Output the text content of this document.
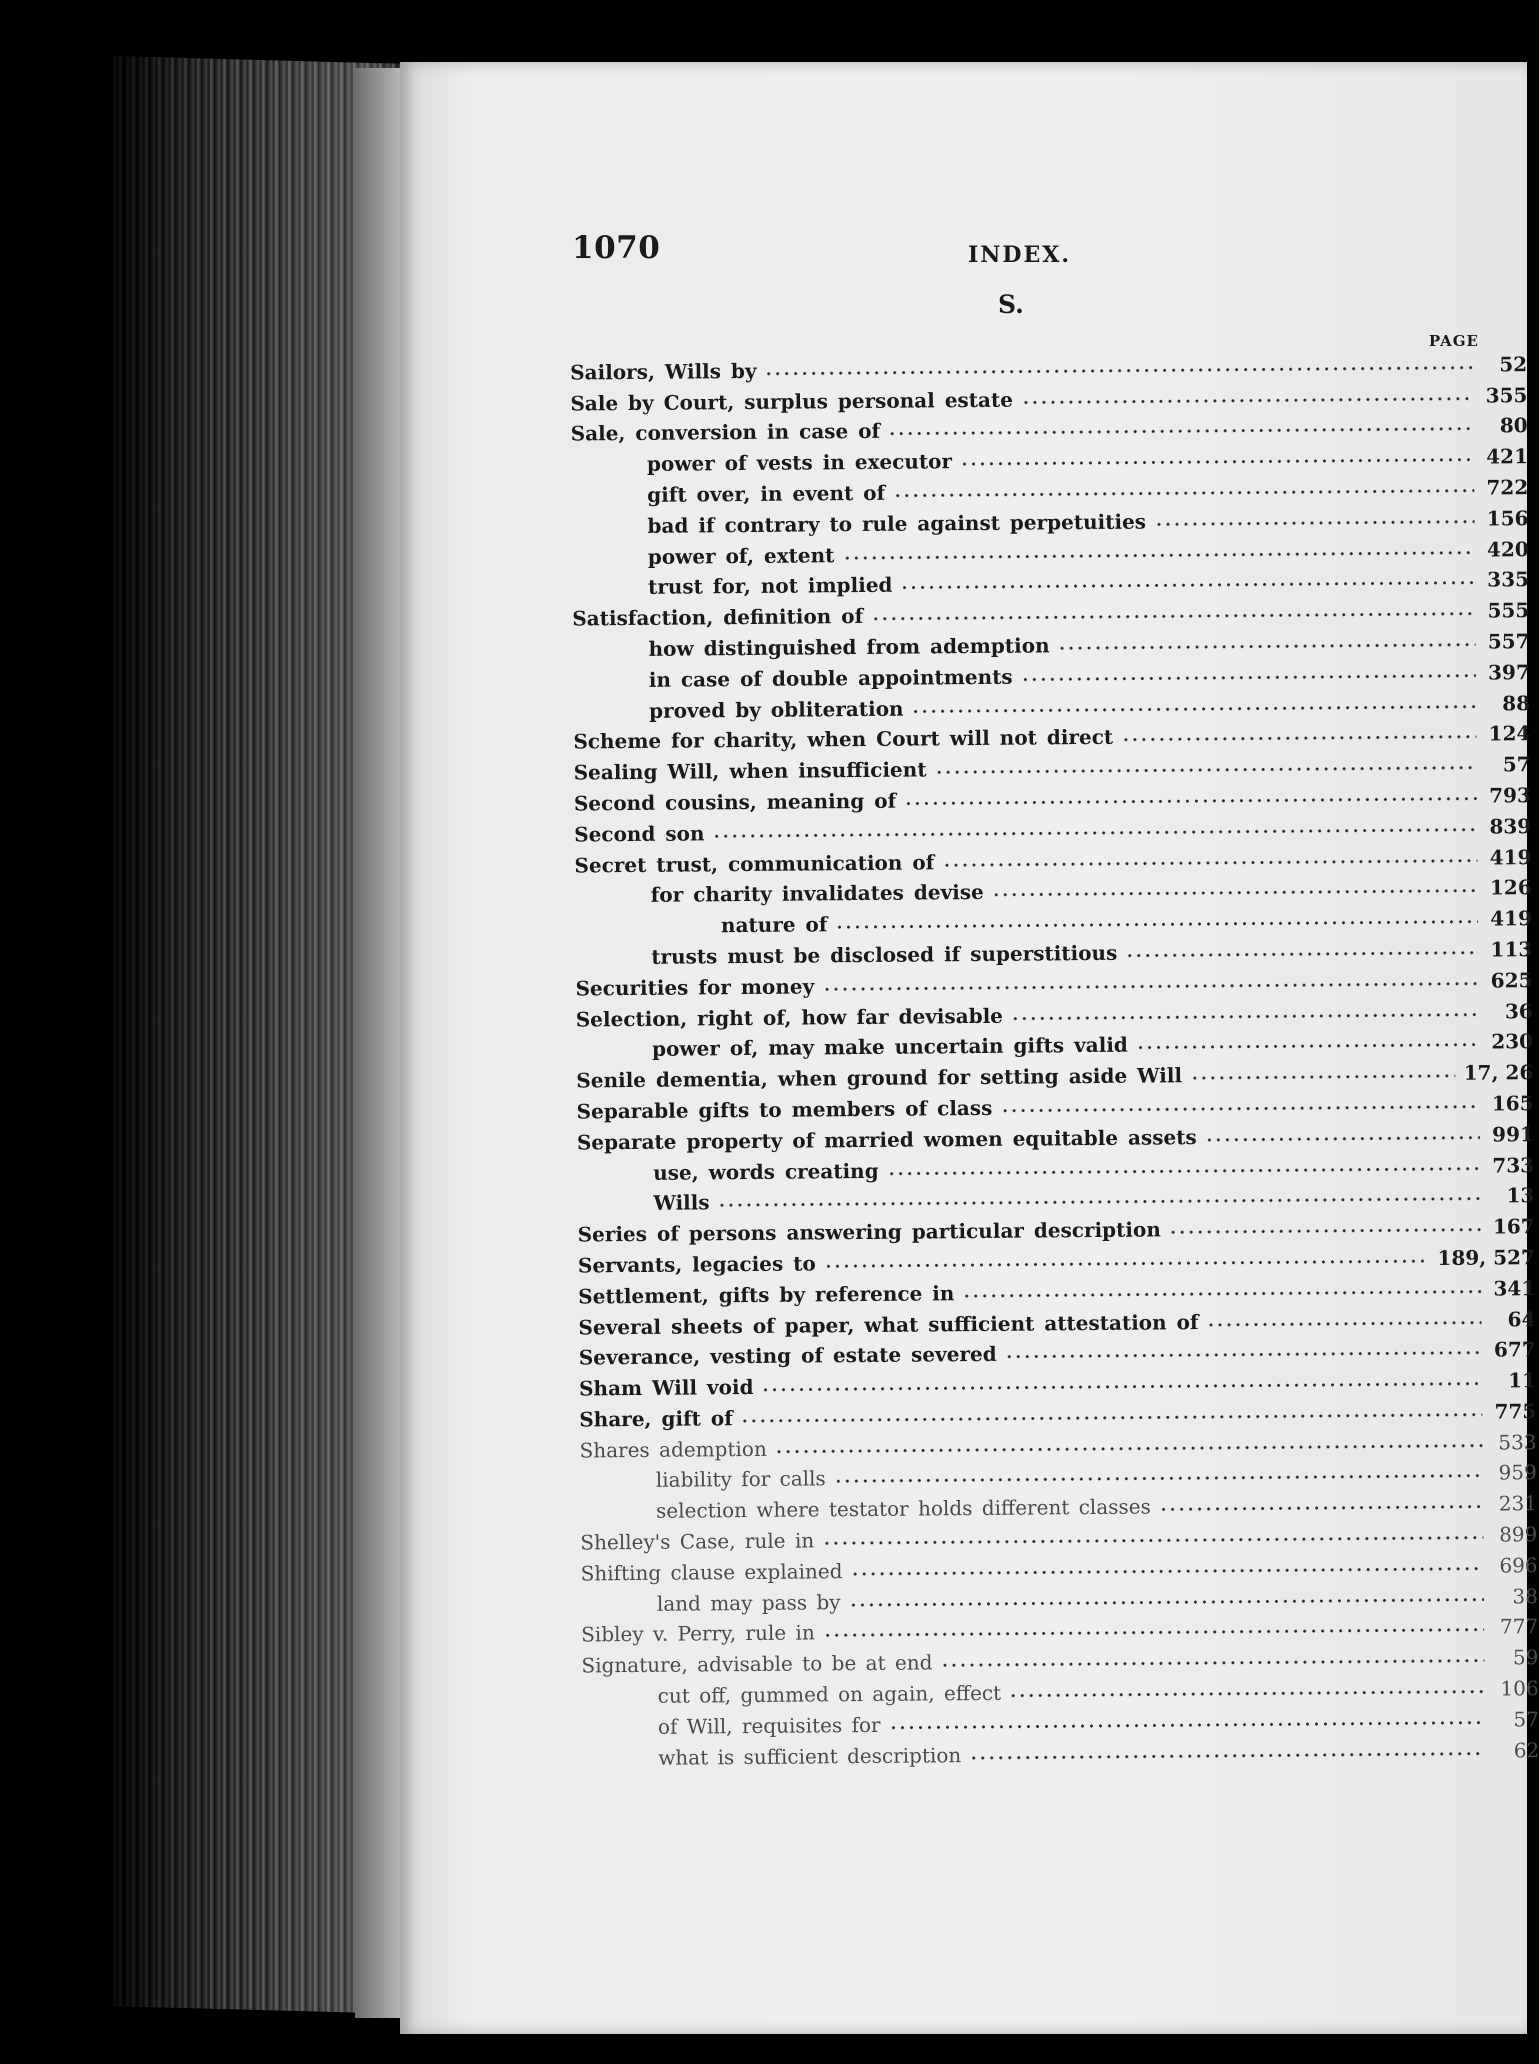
1070	INDEX.
S.
PAGE
Sailors, Wills by	52
Sale by Court, surplus personal estate	355
Sale, conversion in case of	80
power of vests in executor	421
gift over, in event of	722
bad if contrary to rule against perpetuities	156
power of, extent	420
trust for, not implied	335
Satisfaction, definition of	555
how distinguished from ademption	557
in case of double appointments	397
proved by obliteration	88
Scheme for charity, when Court will not direct	124
Sealing Will, when insufficient	57
Second cousins, meaning of	793
Second son	839
Secret trust, communication of	419
for charity invalidates devise	126
nature of	419
trusts must be disclosed if superstitious	113
Securities for money	625
Selection, right of, how far devisable	36
power of, may make uncertain gifts valid	230
Senile dementia, when ground for setting aside Will	17, 26
Separable gifts to members of class	165
Separate property of married women equitable assets	991
use, words creating	733
Wills	13
Series of persons answering particular description	167
Servants, legacies to	189, 527
Settlement, gifts by reference in	341
Several sheets of paper, what sufficient attestation of	64
Severance, vesting of estate severed	677
Sham Will void	11
Share, gift of	775
Shares ademption	533
liability for calls	959
selection where testator holds different classes	231
Shelley's Case, rule in	899
Shifting clause explained	696
land may pass by	38
Sibley v. Perry, rule in	777
Signature, advisable to be at end	59
cut off, gummed on again, effect	106
of Will, requisites for	57
what is sufficient description	62
